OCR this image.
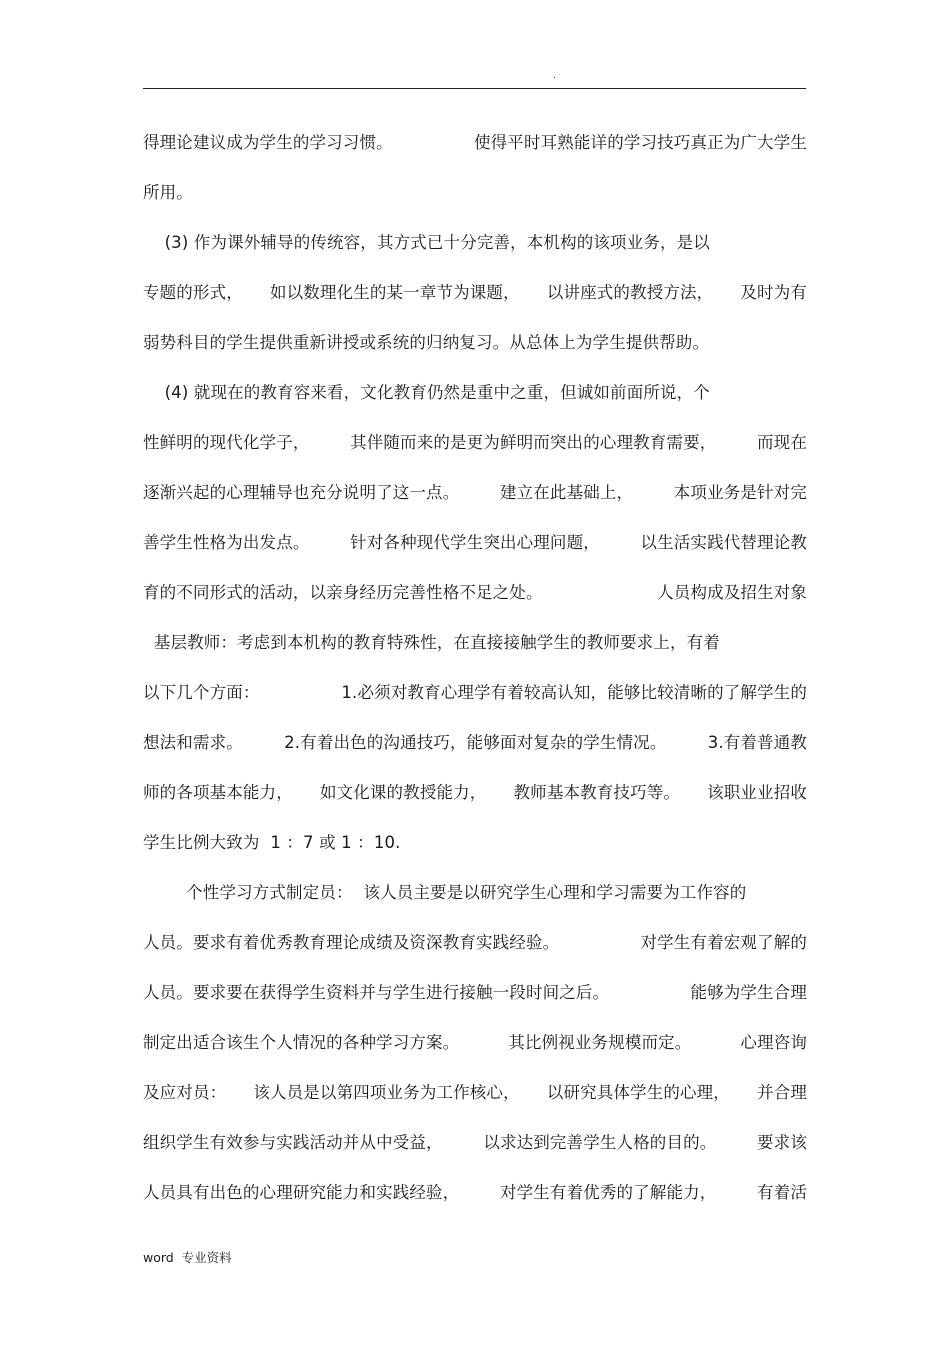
.
得理论建议成为学生的学习习惯。	使得平时耳熟能详的学习技巧真正为广大学生
所用。
(3) 作为课外辅导的传统容，其方式已十分完善，本机构的该项业务，是以
专题的形式， 如以数理化生的某一章节为课题， 以讲座式的教授方法， 及时为有
弱势科目的学生提供重新讲授或系统的归纳复习。从总体上为学生提供帮助。
(4) 就现在的教育容来看，文化教育仍然是重中之重，但诚如前面所说，个
性鲜明的现代化学子， 其伴随而来的是更为鲜明而突出的心理教育需要， 而现在
逐渐兴起的心理辅导也充分说明了这一点。 建立在此基础上， 本项业务是针对完
善学生性格为出发点。 针对各种现代学生突出心理问题， 以生活实践代替理论教
育的不同形式的活动，以亲身经历完善性格不足之处。	人员构成及招生对象
基层教师：考虑到本机构的教育特殊性，在直接接触学生的教师要求上，有着
以下几个方面：	1.必须对教育心理学有着较高认知，能够比较清晰的了解学生的
想法和需求。 2.有着出色的沟通技巧，能够面对复杂的学生情况。 3.有着普通教
师的各项基本能力， 如文化课的教授能力， 教师基本教育技巧等。 该职业业招收
学生比例大致为  1 ：7 或 1 ：10.
个性学习方式制定员：  该人员主要是以研究学生心理和学习需要为工作容的
人员。要求有着优秀教育理论成绩及资深教育实践经验。	对学生有着宏观了解的
人员。要求要在获得学生资料并与学生进行接触一段时间之后。	能够为学生合理
制定出适合该生个人情况的各种学习方案。	其比例视业务规模而定。	心理咨询
及应对员： 该人员是以第四项业务为工作核心， 以研究具体学生的心理， 并合理
组织学生有效参与实践活动并从中受益， 以求达到完善学生人格的目的。 要求该
人员具有出色的心理研究能力和实践经验， 对学生有着优秀的了解能力， 有着活
word  专业资料
